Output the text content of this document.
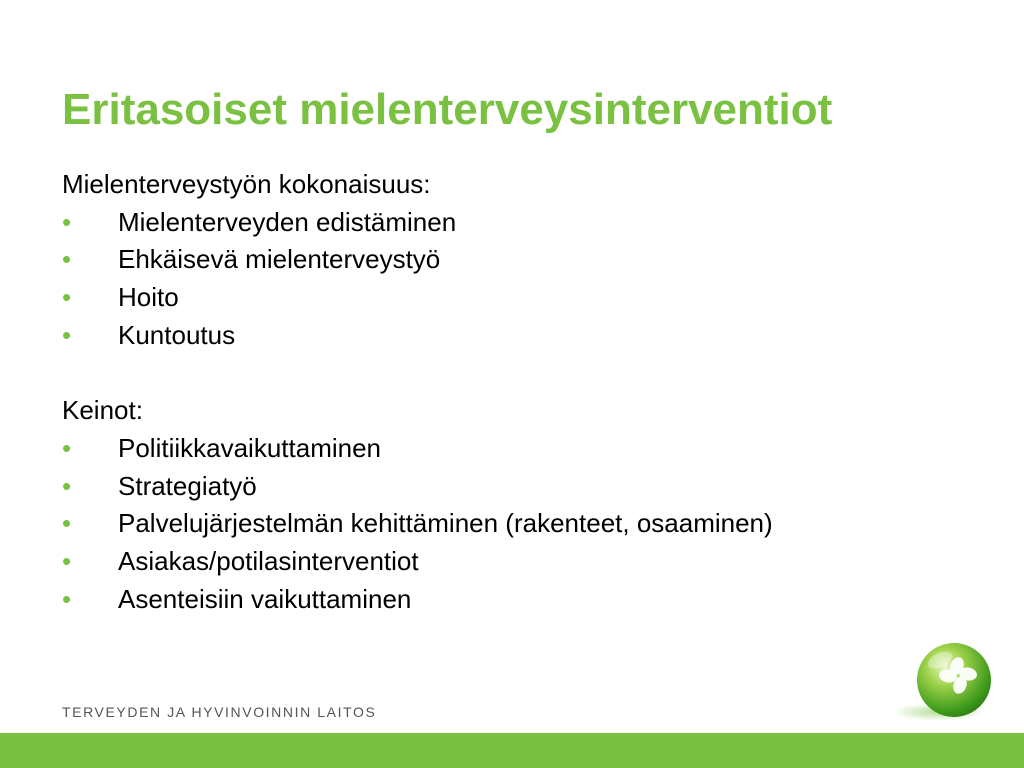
Eritasoiset mielenterveysinterventiot

Mielenterveystyön kokonaisuus:

• Mielenterveyden edistäminen
• Ehkäisevä mielenterveystyö
• Hoito
• Kuntoutus

Keinot:

• Politiikkavaikuttaminen
• Strategiatyö
• Palvelujärjestelmän kehittäminen (rakenteet, osaaminen)
• Asiakas/potilasinterventiot
• Asenteisiin vaikuttaminen
TERVEYDEN JA HYVINVOINNIN LAITOS
